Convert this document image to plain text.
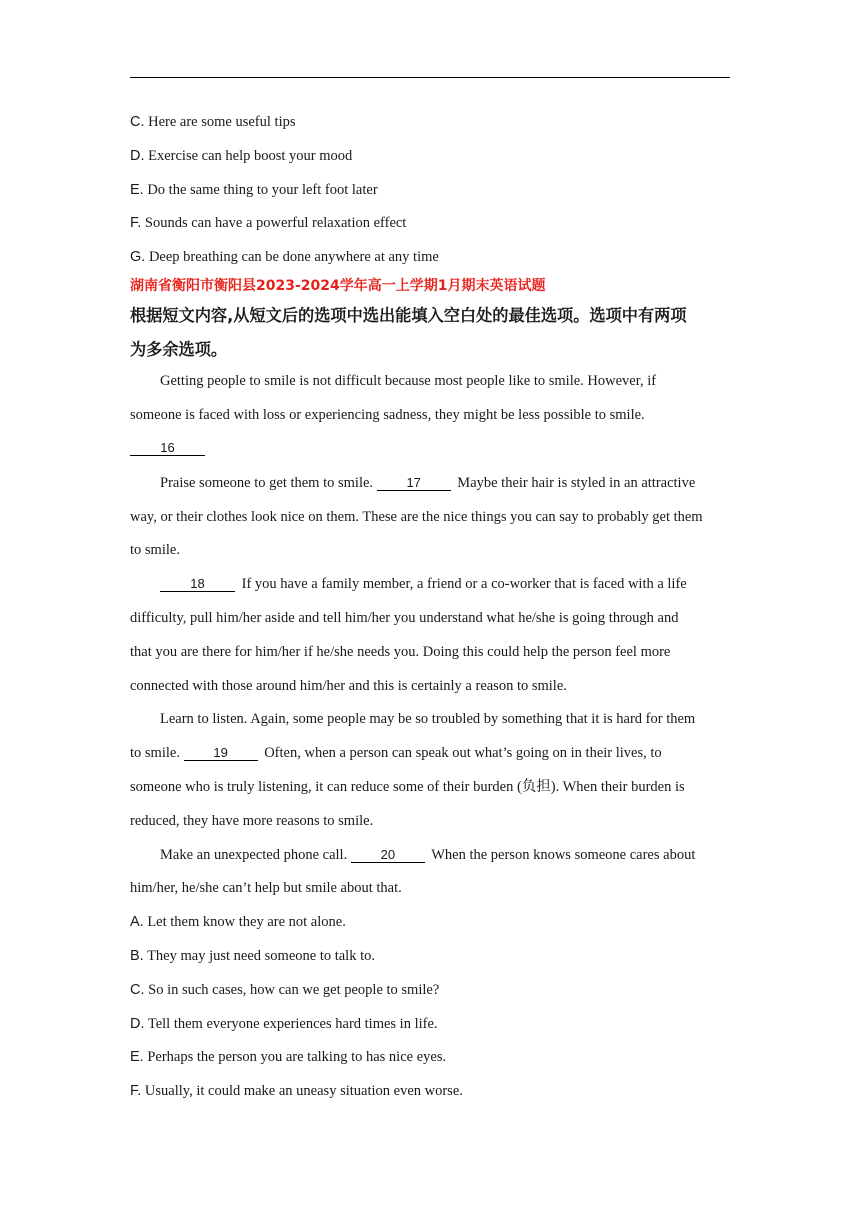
C. Here are some useful tips
D. Exercise can help boost your mood
E. Do the same thing to your left foot later
F. Sounds can have a powerful relaxation effect
G. Deep breathing can be done anywhere at any time
湖南省衡阳市衡阳县2023-2024学年高一上学期1月期末英语试题
根据短文内容,从短文后的选项中选出能填入空白处的最佳选项。选项中有两项
为多余选项。
Getting people to smile is not difficult because most people like to smile. However, if
someone is faced with loss or experiencing sadness, they might be less possible to smile.
16
Praise someone to get them to smile. 17 Maybe their hair is styled in an attractive
way, or their clothes look nice on them. These are the nice things you can say to probably get them
to smile.
18 If you have a family member, a friend or a co-worker that is faced with a life
difficulty, pull him/her aside and tell him/her you understand what he/she is going through and
that you are there for him/her if he/she needs you. Doing this could help the person feel more
connected with those around him/her and this is certainly a reason to smile.
Learn to listen. Again, some people may be so troubled by something that it is hard for them
to smile. 19 Often, when a person can speak out what’s going on in their lives, to
someone who is truly listening, it can reduce some of their burden (负担). When their burden is
reduced, they have more reasons to smile.
Make an unexpected phone call. 20 When the person knows someone cares about
him/her, he/she can’t help but smile about that.
A. Let them know they are not alone.
B. They may just need someone to talk to.
C. So in such cases, how can we get people to smile?
D. Tell them everyone experiences hard times in life.
E. Perhaps the person you are talking to has nice eyes.
F. Usually, it could make an uneasy situation even worse.
